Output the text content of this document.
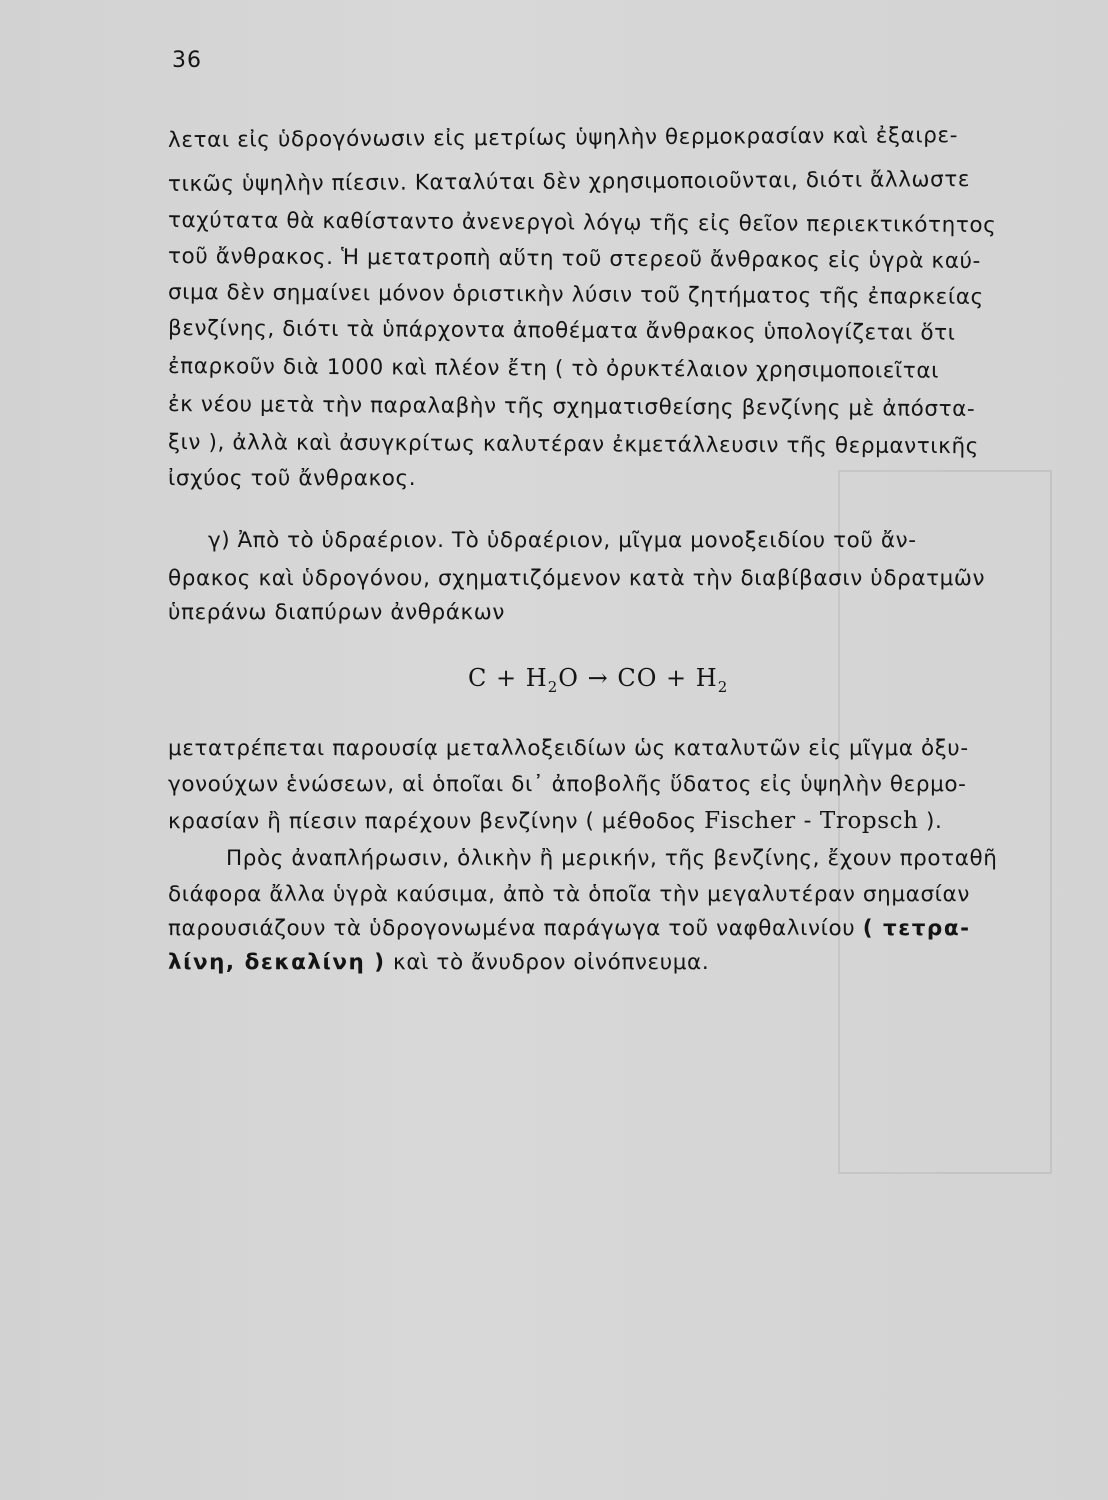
36
λεται εἰς ὑδρογόνωσιν εἰς μετρίως ὑψηλὴν θερμοκρασίαν καὶ ἐξαιρε-
τικῶς ὑψηλὴν πίεσιν. Καταλύται δὲν χρησιμοποιοῦνται, διότι ἄλλωστε
ταχύτατα θὰ καθίσταντο ἀνενεργοὶ λόγῳ τῆς εἰς θεῖον περιεκτικότητος
τοῦ ἄνθρακος. Ἡ μετατροπὴ αὕτη τοῦ στερεοῦ ἄνθρακος εἰς ὑγρὰ καύ-
σιμα δὲν σημαίνει μόνον ὁριστικὴν λύσιν τοῦ ζητήματος τῆς ἐπαρκείας
βενζίνης, διότι τὰ ὑπάρχοντα ἀποθέματα ἄνθρακος ὑπολογίζεται ὅτι
ἐπαρκοῦν διὰ 1000 καὶ πλέον ἔτη ( τὸ ὀρυκτέλαιον χρησιμοποιεῖται
ἐκ νέου μετὰ τὴν παραλαβὴν τῆς σχηματισθείσης βενζίνης μὲ ἀπόστα-
ξιν ), ἀλλὰ καὶ ἀσυγκρίτως καλυτέραν ἐκμετάλλευσιν τῆς θερμαντικῆς
ἰσχύος τοῦ ἄνθρακος.
γ) Ἀπὸ τὸ ὑδραέριον. Τὸ ὑδραέριον, μῖγμα μονοξειδίου τοῦ ἄν-
θρακος καὶ ὑδρογόνου, σχηματιζόμενον κατὰ τὴν διαβίβασιν ὑδρατμῶν
ὑπεράνω διαπύρων ἀνθράκων
$C + H_2O$ → CO + $H_2$
μετατρέπεται παρουσίᾳ μεταλλοξειδίων ὡς καταλυτῶν εἰς μῖγμα ὀξυ-
γονούχων ἑνώσεων, αἱ ὁποῖαι δι᾽ ἀποβολῆς ὕδατος εἰς ὑψηλὴν θερμο-
κρασίαν ἢ πίεσιν παρέχουν βενζίνην ( μέθοδος Fischer - Tropsch ).
Πρὸς ἀναπλήρωσιν, ὁλικὴν ἢ μερικήν, τῆς βενζίνης, ἔχουν προταθῆ
διάφορα ἄλλα ὑγρὰ καύσιμα, ἀπὸ τὰ ὁποῖα τὴν μεγαλυτέραν σημασίαν
παρουσιάζουν τὰ ὑδρογονωμένα παράγωγα τοῦ ναφθαλινίου ( τετρα-
λίνη, δεκαλίνη ) καὶ τὸ ἄνυδρον οἰνόπνευμα.
